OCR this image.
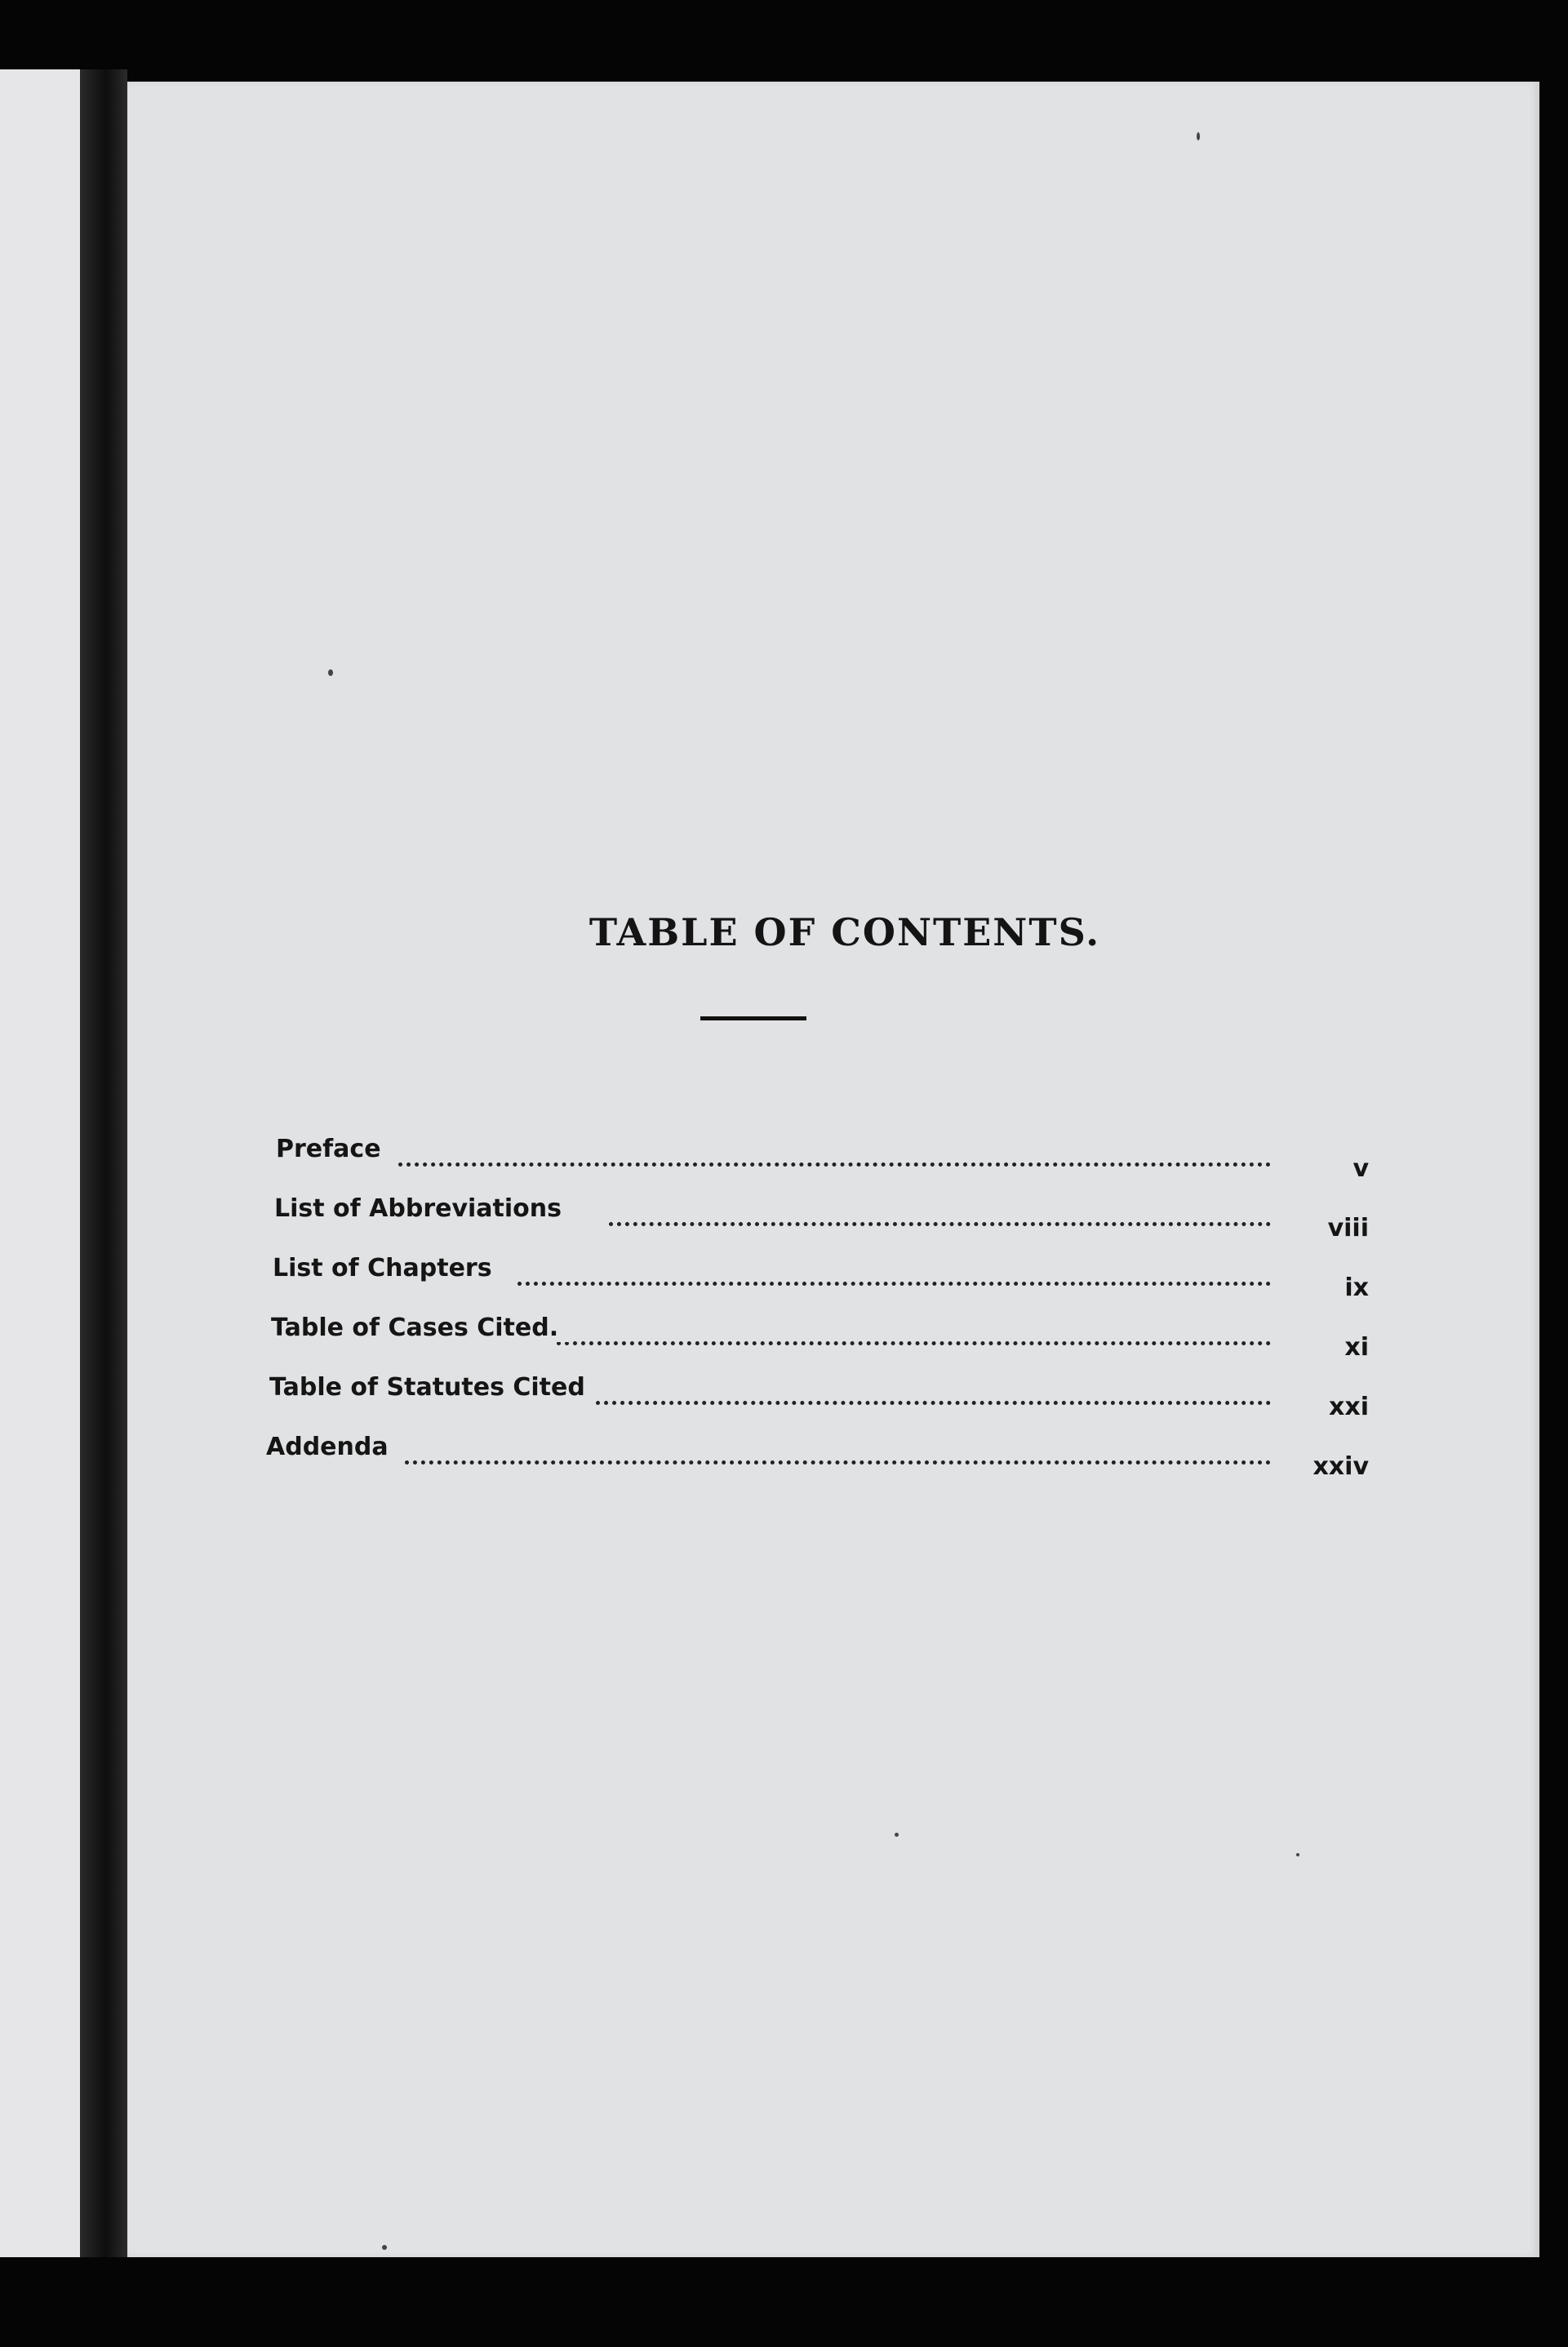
TABLE OF CONTENTS.
Preface
v
List of Abbreviations
viii
List of Chapters
ix
Table of Cases Cited.
xi
Table of Statutes Cited
xxi
Addenda
xxiv
